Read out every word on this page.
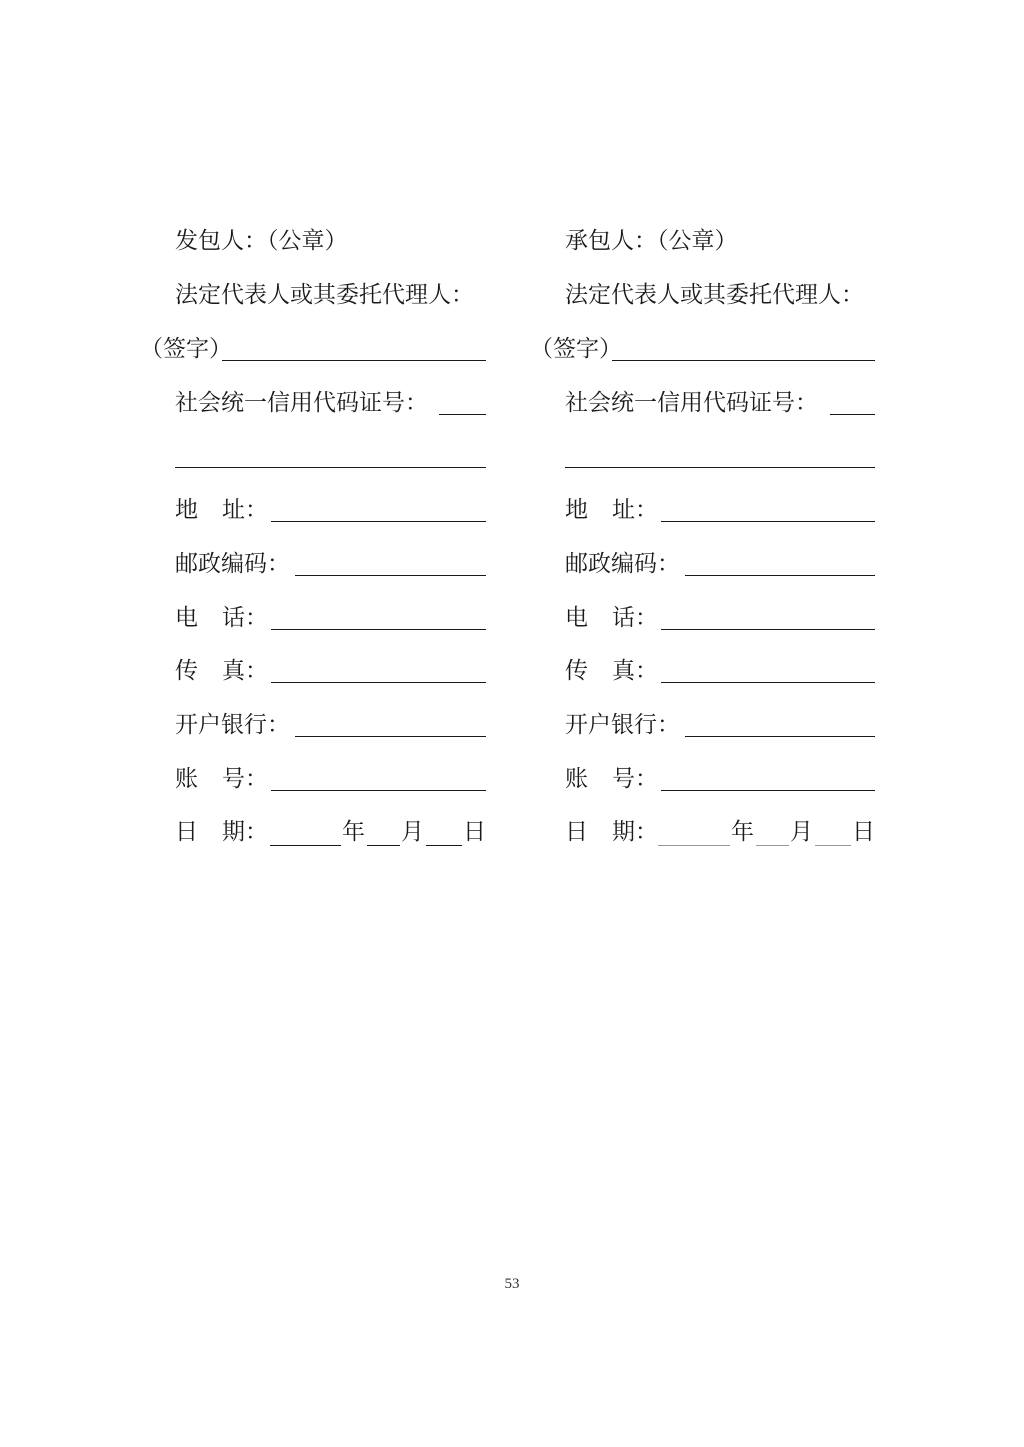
发包人：（公章）
法定代表人或其委托代理人：
（签字）
社会统一信用代码证号：
地 址：
邮政编码：
电 话：
传 真：
开户银行：
账 号：
日 期：	年 月 日
承包人：（公章）
法定代表人或其委托代理人：
（签字）
社会统一信用代码证号：
地 址：
邮政编码：
电 话：
传 真：
开户银行：
账 号：
日 期：	年 月 日
53
